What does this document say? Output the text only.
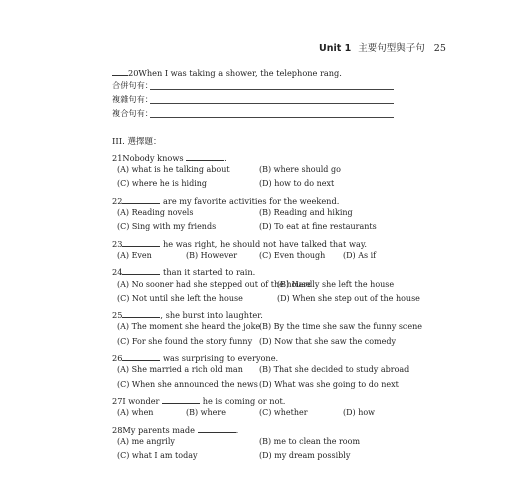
Unit 1 主要句型與子句 25
20When I was taking a shower, the telephone rang.
合併句有：
複雜句有：
複合句有：
III. 選擇題：
21Nobody knows	.
(A) what is he talking about	(B) where should go
(C) where he is hiding	(D) how to do next
22	are my favorite activities for the weekend.
(A) Reading novels	(B) Reading and hiking
(C) Sing with my friends	(D) To eat at fine restaurants
23	he was right, he should not have talked that way.
(A) Even	(B) However	(C) Even though (D) As if
24	than it started to rain.
(A) No sooner had she stepped out of the house
(B) Hardly she left the house
(C) Not until she left the house	(D) When she step out of the house
25	, she burst into laughter.
(A) The moment she heard the joke
(B) By the time she saw the funny scene
(C) For she found the story funny (D) Now that she saw the comedy
26	was surprising to everyone.
(A) She married a rich old man (B) That she decided to study abroad
(C) When she announced the news (D) What was she going to do next
27I wonder	he is coming or not.
(A) when	(B) where	(C) whether	(D) how
28My parents made	.
(A) me angrily	(B) me to clean the room
(C) what I am today	(D) my dream possibly
